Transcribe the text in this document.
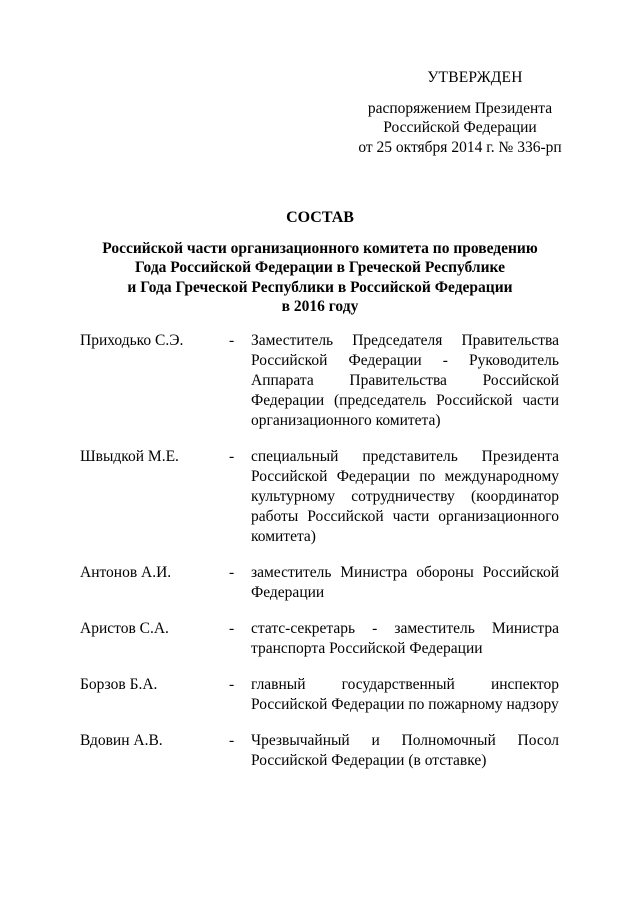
УТВЕРЖДЕН
распоряжением Президента
Российской Федерации
от 25 октября 2014 г. № 336-рп
СОСТАВ
Российской части организационного комитета по проведению
Года Российской Федерации в Греческой Республике
и Года Греческой Республики в Российской Федерации
в 2016 году
Приходько С.Э.	- Заместитель Председателя Правительства Российской Федерации - Руководитель Аппарата Правительства Российской Федерации (председатель Российской части организационного комитета)
Швыдкой М.Е.	- специальный представитель Президента Российской Федерации по международному культурному сотрудничеству (координатор работы Российской части организационного комитета)
Антонов А.И.	- заместитель Министра обороны Российской Федерации
Аристов С.А.	- статс-секретарь - заместитель Министра транспорта Российской Федерации
Борзов Б.А.	- главный государственный инспектор Российской Федерации по пожарному надзору
Вдовин А.В.	- Чрезвычайный и Полномочный Посол Российской Федерации (в отставке)
